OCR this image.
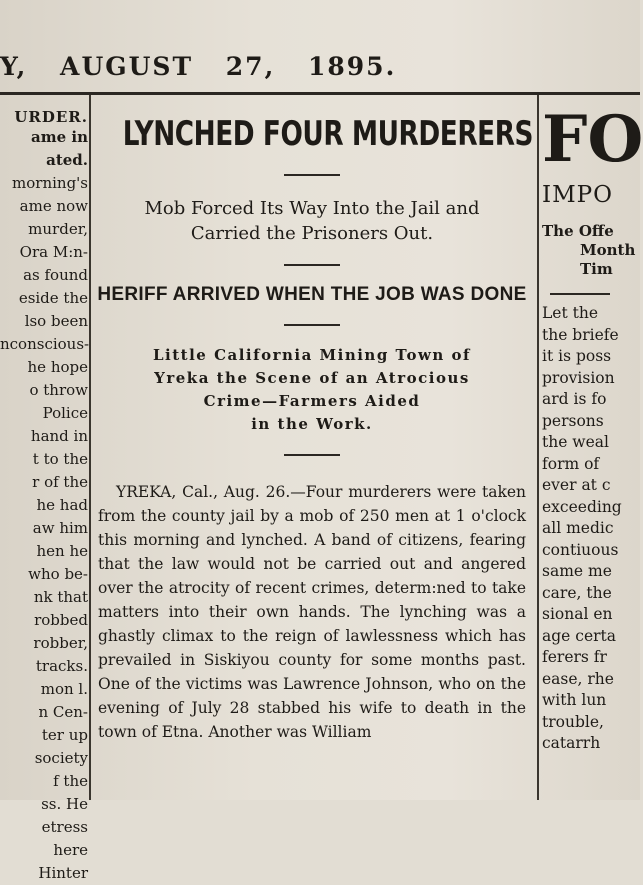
Y, AUGUST 27, 1895.
URDER.
ame in
ated.
morning's
ame now
murder,
Ora M:n-
as found
eside the
lso been
nconscious-
he hope
o throw
Police
hand in
t to the
r of the
he had
aw him
hen he
who be-
nk that
robbed
robber,
tracks.
mon l.
n Cen-
ter up
society
f the
ss. He
etress
here
Hinter
LYNCHED FOUR MURDERERS
Mob Forced Its Way Into the Jail and
Carried the Prisoners Out.
HERIFF ARRIVED WHEN THE JOB WAS DONE
Little California Mining Town of
Yreka the Scene of an Atrocious
Crime—Farmers Aided
in the Work.
YREKA, Cal., Aug. 26.—Four murderers were taken from the county jail by a mob of 250 men at 1 o'clock this morning and lynched. A band of citizens, fearing that the law would not be carried out and angered over the atrocity of recent crimes, determ:ned to take matters into their own hands. The lynching was a ghastly climax to the reign of lawlessness which has prevailed in Siskiyou county for some months past. One of the victims was Lawrence Johnson, who on the evening of July 28 stabbed his wife to death in the town of Etna. Another was William
FO
IMPO
The Offe
Month
Tim
Let the
the briefe
it is poss
provision
ard is fo
persons
the weal
form of
ever at c
exceeding
all medic
contiuous
same me
care, the
sional en
age certa
ferers fr
ease, rhe
with lun
trouble,
catarrh
